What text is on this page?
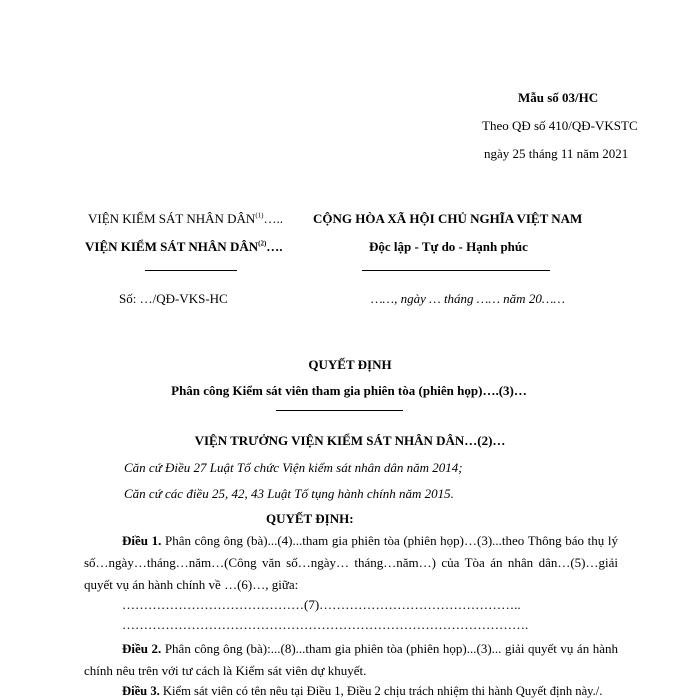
Mẫu số 03/HC
Theo QĐ số 410/QĐ-VKSTC
ngày 25 tháng 11 năm 2021
VIỆN KIỂM SÁT NHÂN DÂN$^{(1)}$…..
VIỆN KIỂM SÁT NHÂN DÂN$^{(2)}$….
Số: …/QĐ-VKS-HC
CỘNG HÒA XÃ HỘI CHỦ NGHĨA VIỆT NAM
Độc lập - Tự do - Hạnh phúc
……, ngày … tháng …… năm 20……
QUYẾT ĐỊNH
Phân công Kiểm sát viên tham gia phiên tòa (phiên họp)….(3)…
VIỆN TRƯỞNG VIỆN KIỂM SÁT NHÂN DÂN…(2)…
Căn cứ Điều 27 Luật Tổ chức Viện kiểm sát nhân dân năm 2014;
Căn cứ các điều 25, 42, 43 Luật Tố tụng hành chính năm 2015.
QUYẾT ĐỊNH:
Điều 1. Phân công ông (bà)...(4)...tham gia phiên tòa (phiên họp)…(3)...theo Thông báo thụ lý số…ngày…tháng…năm…(Công văn số…ngày… tháng…năm…) của Tòa án nhân dân…(5)…giải quyết vụ án hành chính về …(6)…, giữa:
……………………………………(7)………………………………………..
………………………………………………………………………………….
Điều 2. Phân công ông (bà):...(8)...tham gia phiên tòa (phiên họp)...(3)... giải quyết vụ án hành chính nêu trên với tư cách là Kiểm sát viên dự khuyết.
Điều 3. Kiểm sát viên có tên nêu tại Điều 1, Điều 2 chịu trách nhiệm thi hành Quyết định này./.
